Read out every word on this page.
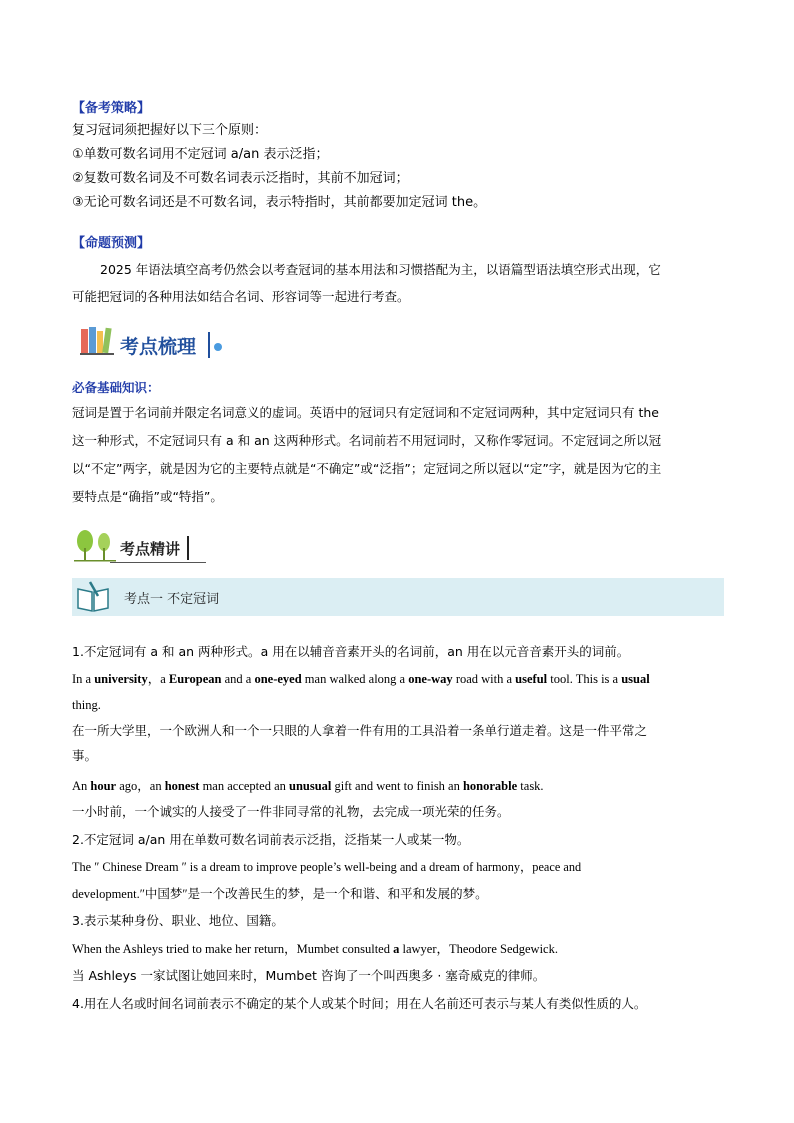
【备考策略】
复习冠词须把握好以下三个原则：
①单数可数名词用不定冠词 a/an 表示泛指；
②复数可数名词及不可数名词表示泛指时，其前不加冠词；
③无论可数名词还是不可数名词，表示特指时，其前都要加定冠词 the。
【命题预测】
2025 年语法填空高考仍然会以考查冠词的基本用法和习惯搭配为主，以语篇型语法填空形式出现，它
可能把冠词的各种用法如结合名词、形容词等一起进行考查。
考点梳理
必备基础知识：
冠词是置于名词前并限定名词意义的虚词。英语中的冠词只有定冠词和不定冠词两种，其中定冠词只有 the
这一种形式，不定冠词只有 a 和 an 这两种形式。名词前若不用冠词时，又称作零冠词。不定冠词之所以冠
以“不定”两字，就是因为它的主要特点就是“不确定”或“泛指”；定冠词之所以冠以“定”字，就是因为它的主
要特点是“确指”或“特指”。
考点精讲
考点一 不定冠词
1.不定冠词有 a 和 an 两种形式。a 用在以辅音音素开头的名词前，an 用在以元音音素开头的词前。
In a university，a European and a one-eyed man walked along a one-way road with a useful tool. This is a usual
thing.
在一所大学里，一个欧洲人和一个一只眼的人拿着一件有用的工具沿着一条单行道走着。这是一件平常之
事。
An hour ago，an honest man accepted an unusual gift and went to finish an honorable task.
一小时前，一个诚实的人接受了一件非同寻常的礼物，去完成一项光荣的任务。
2.不定冠词 a/an 用在单数可数名词前表示泛指，泛指某一人或某一物。
The ″ Chinese Dream ″ is a dream to improve people’s well-being and a dream of harmony，peace and
development.″中国梦″是一个改善民生的梦，是一个和谐、和平和发展的梦。
3.表示某种身份、职业、地位、国籍。
When the Ashleys tried to make her return，Mumbet consulted a lawyer，Theodore Sedgewick.
当 Ashleys 一家试图让她回来时，Mumbet 咨询了一个叫西奥多 · 塞奇威克的律师。
4.用在人名或时间名词前表示不确定的某个人或某个时间；用在人名前还可表示与某人有类似性质的人。
